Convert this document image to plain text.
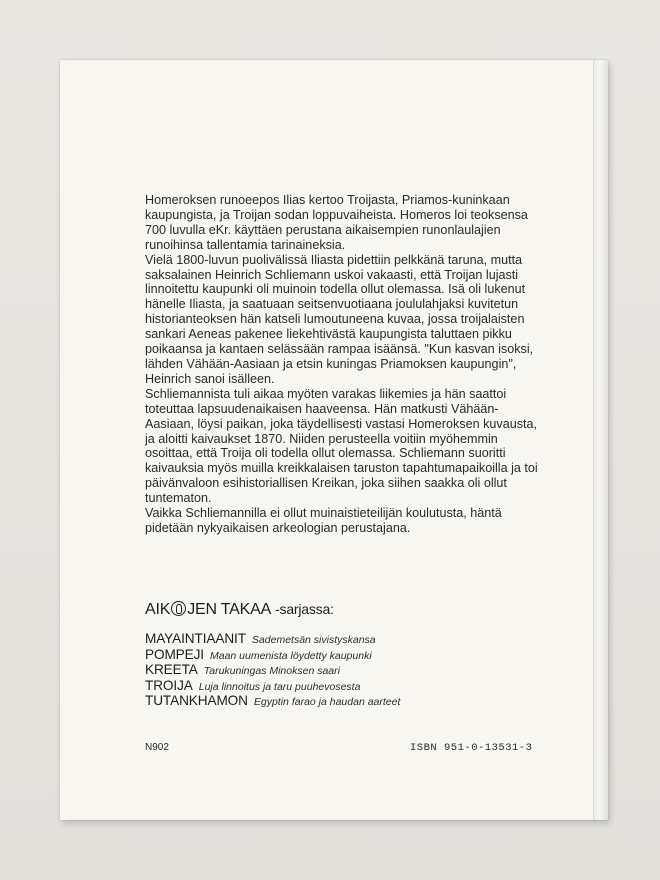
Homeroksen runoeepos Ilias kertoo Troijasta, Priamos-kuninkaan kaupungista, ja Troijan sodan loppuvaiheista. Homeros loi teoksensa 700 luvulla eKr. käyttäen perustana aikaisempien runonlaulajien runoihinsa tallentamia tarinaineksia.

Vielä 1800-luvun puolivälissä Iliasta pidettiin pelkkänä taruna, mutta saksalainen Heinrich Schliemann uskoi vakaasti, että Troijan lujasti linnoitettu kaupunki oli muinoin todella ollut olemassa. Isä oli lukenut hänelle Iliasta, ja saatuaan seitsenvuotiaana joululahjaksi kuvitetun historianteoksen hän katseli lumoutuneena kuvaa, jossa troijalaisten sankari Aeneas pakenee liekehtivästä kaupungista taluttaen pikku poikaansa ja kantaen selässään rampaa isäänsä. "Kun kasvan isoksi, lähden Vähään-Aasiaan ja etsin kuningas Priamoksen kaupungin", Heinrich sanoi isälleen.

Schliemannista tuli aikaa myöten varakas liikemies ja hän saattoi toteuttaa lapsuudenaikaisen haaveensa. Hän matkusti Vähään-Aasiaan, löysi paikan, joka täydellisesti vastasi Homeroksen kuvausta, ja aloitti kaivaukset 1870. Niiden perusteella voitiin myöhemmin osoittaa, että Troija oli todella ollut olemassa. Schliemann suoritti kaivauksia myös muilla kreikkalaisen taruston tapahtumapaikoilla ja toi päivänvaloon esihistoriallisen Kreikan, joka siihen saakka oli ollut tuntematon.

Vaikka Schliemannilla ei ollut muinaistieteilijän koulutusta, häntä pidetään nykyaikaisen arkeologian perustajana.

AIK JEN TAKAA -sarjassa:
MAYAINTIAANIT Sademetsän sivistyskansa
POMPEJI Maan uumenista löydetty kaupunki
KREETA Tarukuningas Minoksen saari
TROIJA Luja linnoitus ja taru puuhevosesta
TUTANKHAMON Egyptin farao ja haudan aarteet
N902	ISBN 951-0-13531-3
